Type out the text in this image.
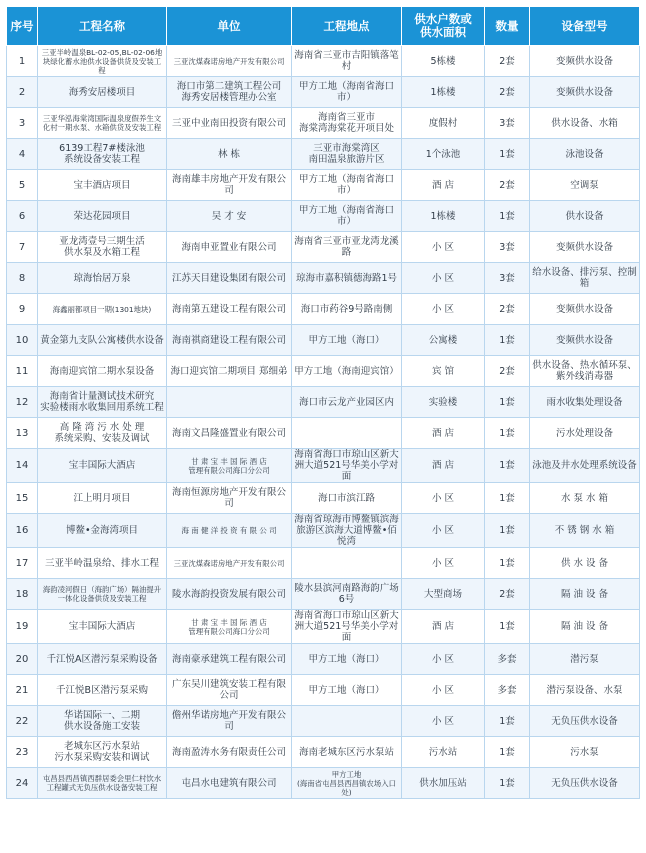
序号	工程名称	单位	工程地点	供水户数或
供水面积	数量	设备型号
1	三亚半岭温泉BL-02-05,BL-02-06地块绿化蓄水池供水设备供货及安装工程	三亚沈煤森诺房地产开发有限公司	海南省三亚市吉阳镇落笔村	5栋楼	2套	变频供水设备
2	海秀安居楼项目	海口市第二建筑工程公司
海秀安居楼管理办公室	甲方工地（海南省海口市）	1栋楼	2套	变频供水设备
3	三亚华泓海棠湾国际温泉度假养生文化村一期水泵、水箱供货及安装工程	三亚中业南田投资有限公司	海南省三亚市
海棠湾海棠花开项目处	度假村	3套	供水设备、水箱
4	6139工程7#楼泳池
系统设备安装工程	林 栋	三亚市海棠湾区
南田温泉旅游片区	1个泳池	1套	泳池设备
5	宝丰酒店项目	海南雄丰房地产开发有限公司	甲方工地（海南省海口市）	酒 店	2套	空调泵
6	荣达花园项目	吴 才 安	甲方工地（海南省海口市）	1栋楼	1套	供水设备
7	亚龙湾壹号三期生活
供水泵及水箱工程	海南申亚置业有限公司	海南省三亚市亚龙湾龙溪路	小 区	3套	变频供水设备
8	琼海怡居万泉	江苏天目建设集团有限公司	琼海市嘉积镇德海路1号	小 区	3套	给水设备、排污泵、控制箱
9	海鑫丽都项目一期(1301地块)	海南第五建设工程有限公司	海口市药谷9号路南侧	小 区	2套	变频供水设备
10	黄金第九支队公寓楼供水设备	海南祺商建设工程有限公司	甲方工地（海口）	公寓楼	1套	变频供水设备
11	海南迎宾馆二期水泵设备	海口迎宾馆二期项目 郑细弟	甲方工地（海南迎宾馆）	宾 馆	2套	供水设备、热水循环泵、
紫外线消毒器
12	海南省计量测试技术研究
实验楼雨水收集回用系统工程		海口市云龙产业园区内	实验楼	1套	雨水收集处理设备
13	高 隆 湾 污 水 处 理
系统采购、安装及调试	海南文昌隆盛置业有限公司		酒 店	1套	污水处理设备
14	宝丰国际大酒店	甘 肃 宝 丰 国 际 酒 店
管理有限公司海口分公司	海南省海口市琼山区新大
洲大道521号华美小学对面	酒 店	1套	泳池及井水处理系统设备
15	江上明月项目	海南恒源房地产开发有限公司	海口市滨江路	小 区	1套	水 泵 水 箱
16	博鳌•金海湾项目	海 南 健 洋 投 资 有 限 公 司	海南省琼海市博鳌镇滨海
旅游区滨海大道博鳌•佰悦湾	小 区	1套	不 锈 钢 水 箱
17	三亚半岭温泉给、排水工程	三亚沈煤森诺房地产开发有限公司		小 区	1套	供 水 设 备
18	海韵凌河假日（海韵广场）隔油提升一体化设备供货及安装工程	陵水海韵投资发展有限公司	陵水县滨河南路海韵广场6号	大型商场	2套	隔 油 设 备
19	宝丰国际大酒店	甘 肃 宝 丰 国 际 酒 店
管理有限公司海口分公司	海南省海口市琼山区新大
洲大道521号华美小学对面	酒 店	1套	隔 油 设 备
20	千江悦A区潜污泵采购设备	海南豪承建筑工程有限公司	甲方工地（海口）	小 区	多套	潜污泵
21	千江悦B区潜污泵采购	广东吴川建筑安装工程有限公司	甲方工地（海口）	小 区	多套	潜污泵设备、水泵
22	华诺国际一、二期
供水设备施工安装	儋州华诺房地产开发有限公司		小 区	1套	无负压供水设备
23	老城东区污水泵站
污水泵采购安装和调试	海南盈涛水务有限责任公司	海南老城东区污水泵站	污水站	1套	污水泵
24	屯昌县西昌镇西群居委会里仁村饮水工程罐式无负压供水设备安装工程	屯昌水电建筑有限公司	甲方工地
(海南省屯昌县西昌镇农场入口处)	供水加压站	1套	无负压供水设备
